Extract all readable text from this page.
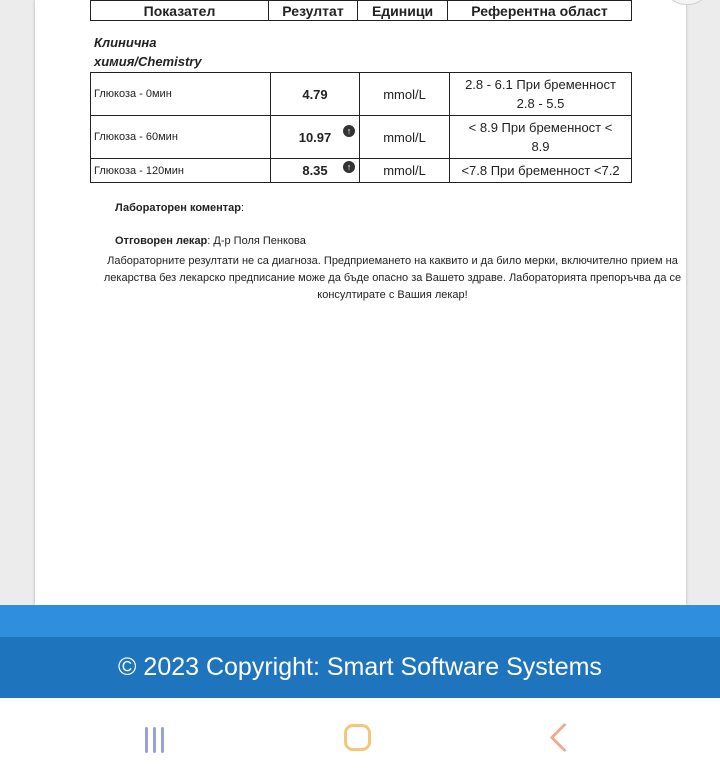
Показател	Резултат	Единици	Референтна област
Клинична
химия/Chemistry
Глюкоза - 0мин	4.79	mmol/L	2.8 - 6.1 При бременност 2.8 - 5.5
Глюкоза - 60мин	10.97 ↑	mmol/L	< 8.9 При бременност < 8.9
Глюкоза - 120мин	8.35 ↑	mmol/L	<7.8 При бременност <7.2
Лабораторен коментар:
Отговорен лекар: Д-р Поля Пенкова
Лабораторните резултати не са диагноза. Предприемането на каквито и да било мерки, включително прием на лекарства без лекарско предписание може да бъде опасно за Вашето здраве. Лабораторията препоръчва да се консултирате с Вашия лекар!
© 2023 Copyright: Smart Software Systems
